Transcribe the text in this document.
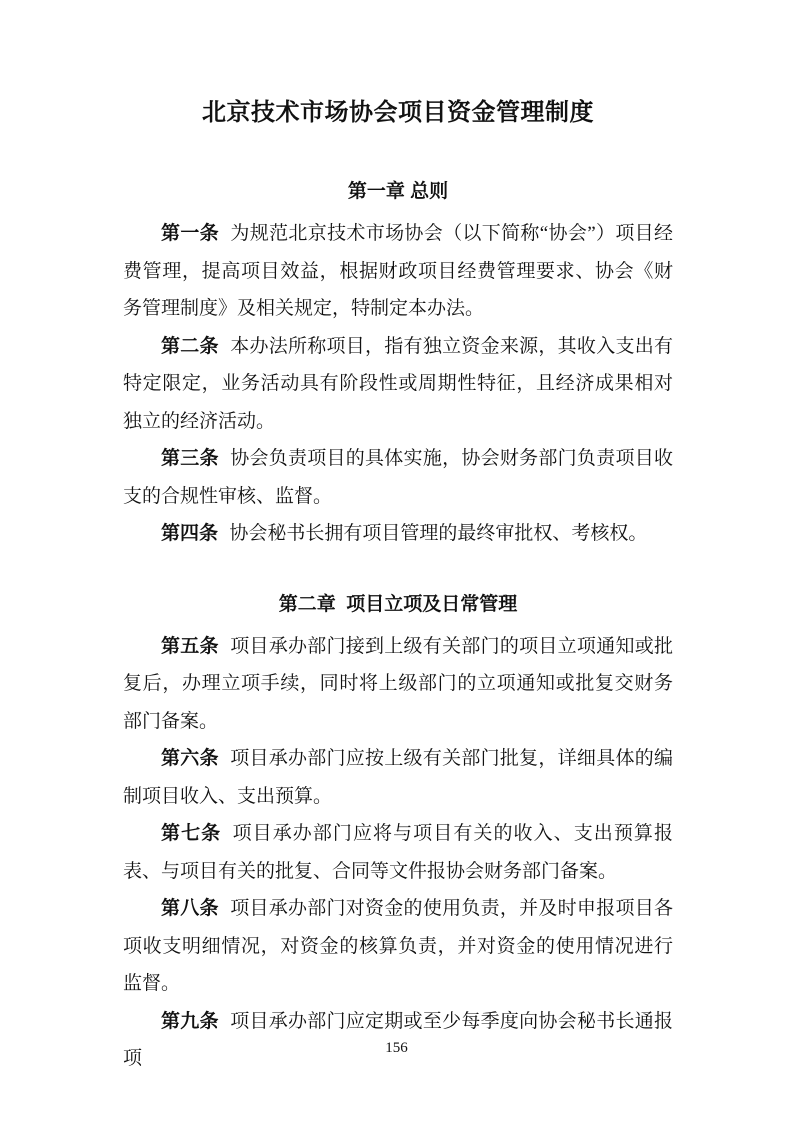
北京技术市场协会项目资金管理制度
第一章 总则

第一条 为规范北京技术市场协会（以下简称“协会”）项目经费管理，提高项目效益，根据财政项目经费管理要求、协会《财务管理制度》及相关规定，特制定本办法。

第二条 本办法所称项目，指有独立资金来源，其收入支出有特定限定，业务活动具有阶段性或周期性特征，且经济成果相对独立的经济活动。

第三条 协会负责项目的具体实施，协会财务部门负责项目收支的合规性审核、监督。

第四条 协会秘书长拥有项目管理的最终审批权、考核权。

第二章  项目立项及日常管理

第五条 项目承办部门接到上级有关部门的项目立项通知或批复后，办理立项手续，同时将上级部门的立项通知或批复交财务部门备案。

第六条 项目承办部门应按上级有关部门批复，详细具体的编制项目收入、支出预算。

第七条 项目承办部门应将与项目有关的收入、支出预算报表、与项目有关的批复、合同等文件报协会财务部门备案。

第八条 项目承办部门对资金的使用负责，并及时申报项目各项收支明细情况，对资金的核算负责，并对资金的使用情况进行监督。

第九条 项目承办部门应定期或至少每季度向协会秘书长通报项	156
